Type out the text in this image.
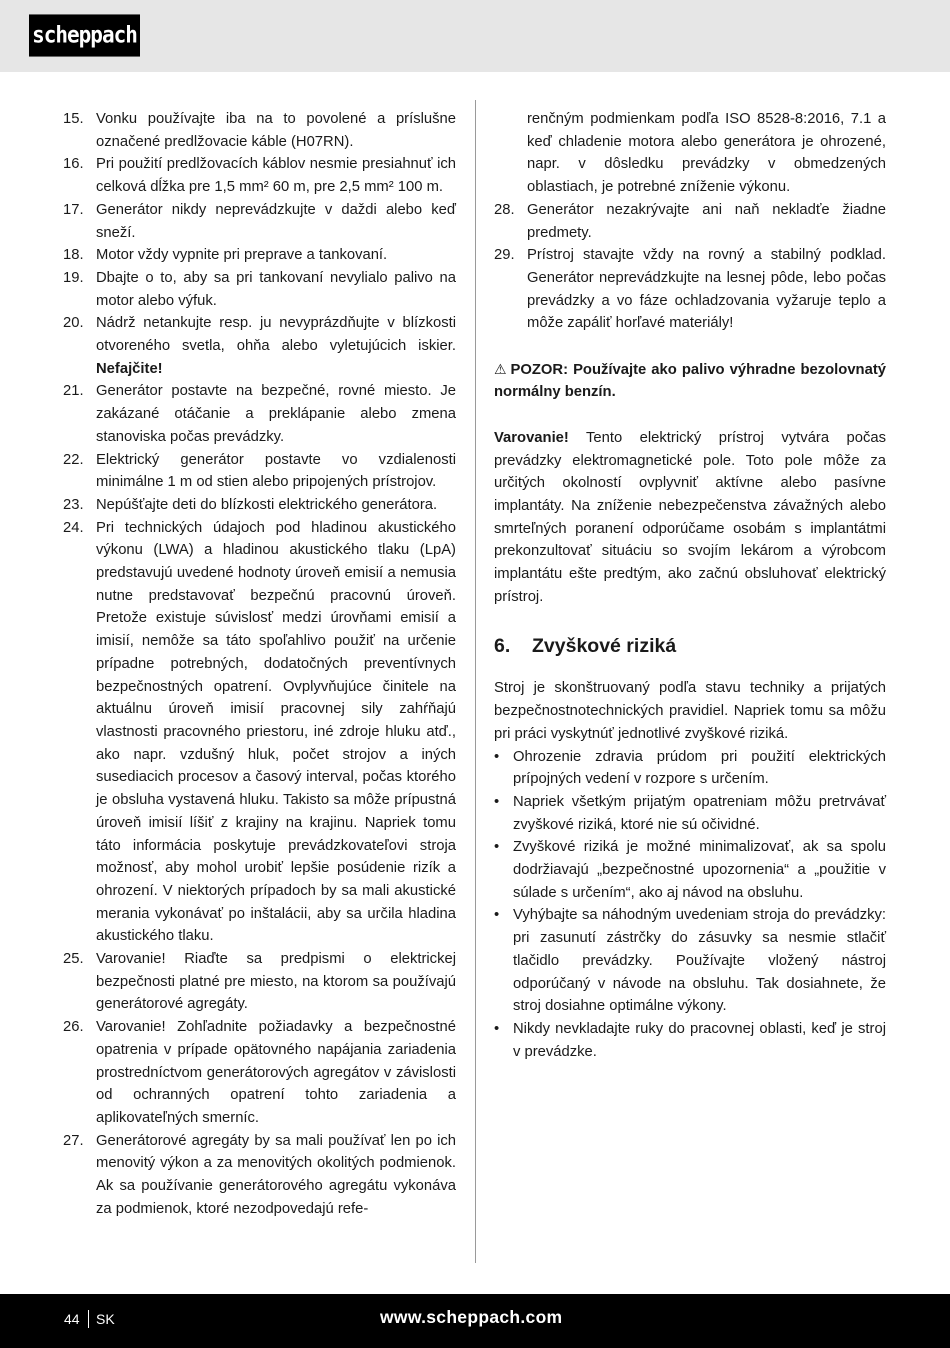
scheppach
15. Vonku používajte iba na to povolené a príslušne označené predlžovacie káble (H07RN).
16. Pri použití predlžovacích káblov nesmie presiahnuť ich celková dĺžka pre 1,5 mm² 60 m, pre 2,5 mm² 100 m.
17. Generátor nikdy neprevádzkujte v daždi alebo keď sneží.
18. Motor vždy vypnite pri preprave a tankovaní.
19. Dbajte o to, aby sa pri tankovaní nevylialo palivo na motor alebo výfuk.
20. Nádrž netankujte resp. ju nevyprázdňujte v blízkosti otvoreného svetla, ohňa alebo vyletujúcich iskier. Nefajčite!
21. Generátor postavte na bezpečné, rovné miesto. Je zakázané otáčanie a preklápanie alebo zmena stanoviska počas prevádzky.
22. Elektrický generátor postavte vo vzdialenosti minimálne 1 m od stien alebo pripojených prístrojov.
23. Nepúšťajte deti do blízkosti elektrického generátora.
24. Pri technických údajoch pod hladinou akustického výkonu (LWA) a hladinou akustického tlaku (LpA) predstavujú uvedené hodnoty úroveň emisií a nemusia nutne predstavovať bezpečnú pracovnú úroveň. Pretože existuje súvislosť medzi úrovňami emisií a imisií, nemôže sa táto spoľahlivo použiť na určenie prípadne potrebných, dodatočných preventívnych bezpečnostných opatrení. Ovplyvňujúce činitele na aktuálnu úroveň imisií pracovnej sily zahŕňajú vlastnosti pracovného priestoru, iné zdroje hluku atď., ako napr. vzdušný hluk, počet strojov a iných susediacich procesov a časový interval, počas ktorého je obsluha vystavená hluku. Takisto sa môže prípustná úroveň imisií líšiť z krajiny na krajinu. Napriek tomu táto informácia poskytuje prevádzkovateľovi stroja možnosť, aby mohol urobiť lepšie posúdenie rizík a ohrození. V niektorých prípadoch by sa mali akustické merania vykonávať po inštalácii, aby sa určila hladina akustického tlaku.
25. Varovanie! Riaďte sa predpismi o elektrickej bezpečnosti platné pre miesto, na ktorom sa používajú generátorové agregáty.
26. Varovanie! Zohľadnite požiadavky a bezpečnostné opatrenia v prípade opätovného napájania zariadenia prostredníctvom generátorových agregátov v závislosti od ochranných opatrení tohto zariadenia a aplikovateľných smerníc.
27. Generátorové agregáty by sa mali používať len po ich menovitý výkon a za menovitých okolitých podmienok. Ak sa používanie generátorového agregátu vykonáva za podmienok, ktoré nezodpovedajú refe-
renčným podmienkam podľa ISO 8528-8:2016, 7.1 a keď chladenie motora alebo generátora je ohrozené, napr. v dôsledku prevádzky v obmedzených oblastiach, je potrebné zníženie výkonu.
28. Generátor nezakrývajte ani naň nekladťe žiadne predmety.
29. Prístroj stavajte vždy na rovný a stabilný podklad. Generátor neprevádzkujte na lesnej pôde, lebo počas prevádzky a vo fáze ochladzovania vyžaruje teplo a môže zapáliť horľavé materiály!

⚠ POZOR: Používajte ako palivo výhradne bezolovnatý normálny benzín.

Varovanie! Tento elektrický prístroj vytvára počas prevádzky elektromagnetické pole. Toto pole môže za určitých okolností ovplyvniť aktívne alebo pasívne implantáty. Na zníženie nebezpečenstva závažných alebo smrteľných poranení odporúčame osobám s implantátmi prekonzultovať situáciu so svojím lekárom a výrobcom implantátu ešte predtým, ako začnú obsluhovať elektrický prístroj.

6. Zvyškové riziká

Stroj je skonštruovaný podľa stavu techniky a prijatých bezpečnostnotechnických pravidiel. Napriek tomu sa môžu pri práci vyskytnúť jednotlivé zvyškové riziká.

• Ohrozenie zdravia prúdom pri použití elektrických prípojných vedení v rozpore s určením.
• Napriek všetkým prijatým opatreniam môžu pretrvávať zvyškové riziká, ktoré nie sú očividné.
• Zvyškové riziká je možné minimalizovať, ak sa spolu dodržiavajú „bezpečnostné upozornenia“ a „použitie v súlade s určením“, ako aj návod na obsluhu.
• Vyhýbajte sa náhodným uvedeniam stroja do prevádzky: pri zasunutí zástrčky do zásuvky sa nesmie stlačiť tlačidlo prevádzky. Používajte vložený nástroj odporúčaný v návode na obsluhu. Tak dosiahnete, že stroj dosiahne optimálne výkony.
• Nikdy nevkladajte ruky do pracovnej oblasti, keď je stroj v prevádzke.
44 SK	www.scheppach.com
